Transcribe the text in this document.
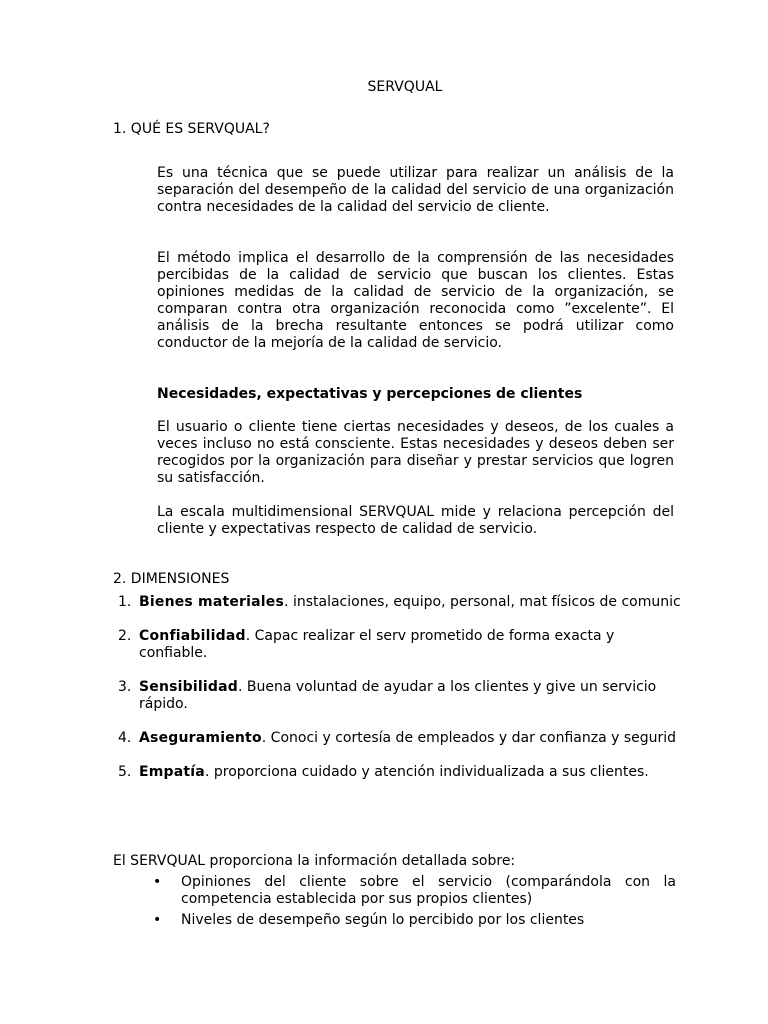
SERVQUAL
1. QUÉ ES SERVQUAL?
Es una técnica que se puede utilizar para realizar un análisis de la separación del desempeño de la calidad del servicio de una organización contra necesidades de la calidad del servicio de cliente.
El método implica el desarrollo de la comprensión de las necesidades percibidas de la calidad de servicio que buscan los clientes. Estas opiniones medidas de la calidad de servicio de la organización, se comparan contra otra organización reconocida como ”excelente”. El análisis de la brecha resultante entonces se podrá utilizar como conductor de la mejoría de la calidad de servicio.
Necesidades, expectativas y percepciones de clientes
El usuario o cliente tiene ciertas necesidades y deseos, de los cuales a veces incluso no está consciente. Estas necesidades y deseos deben ser recogidos por la organización para diseñar y prestar servicios que logren su satisfacción.
La escala multidimensional SERVQUAL mide y relaciona percepción del cliente y expectativas respecto de calidad de servicio.
2. DIMENSIONES
1. Bienes materiales. instalaciones, equipo, personal, mat físicos de comunic
2. Confiabilidad. Capac realizar el serv prometido de forma exacta y confiable.
3. Sensibilidad. Buena voluntad de ayudar a los clientes y give un servicio rápido.
4. Aseguramiento. Conoci y cortesía de empleados y dar confianza y segurid
5. Empatía. proporciona cuidado y atención individualizada a sus clientes.
El SERVQUAL proporciona la información detallada sobre:
• Opiniones del cliente sobre el servicio (comparándola con la competencia establecida por sus propios clientes)
• Niveles de desempeño según lo percibido por los clientes
